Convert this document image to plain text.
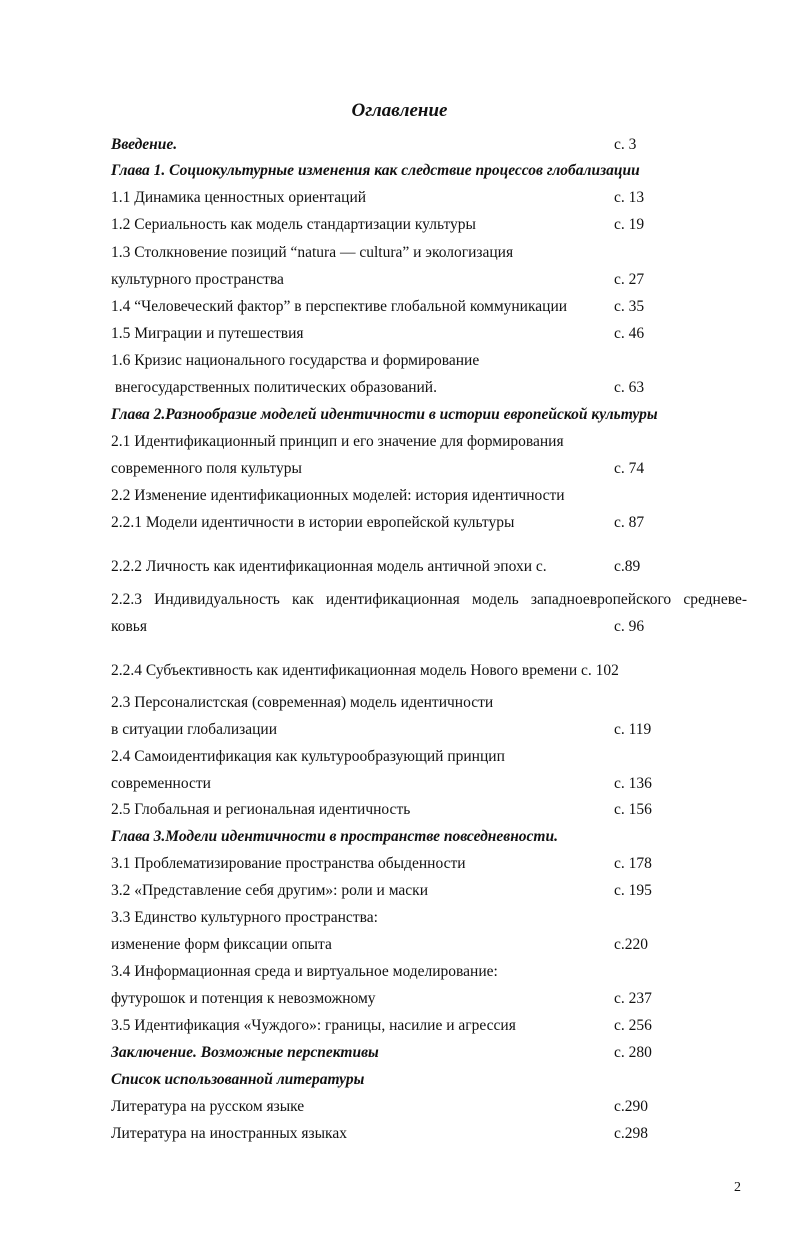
Оглавление
Введение.	с. 3
Глава 1. Социокультурные изменения как следствие процессов глобализации
1.1 Динамика ценностных ориентаций	с. 13
1.2 Сериальность как модель стандартизации культуры	с. 19
1.3 Столкновение позиций “natura — cultura” и экологизация
культурного пространства	с. 27
1.4 “Человеческий фактор” в перспективе глобальной коммуникации	с. 35
1.5 Миграции и путешествия	с. 46
1.6 Кризис национального государства и формирование
внегосударственных политических образований.	с. 63
Глава 2.Разнообразие моделей идентичности в истории европейской культуры
2.1 Идентификационный принцип и его значение для формирования
современного поля культуры	с. 74
2.2 Изменение идентификационных моделей: история идентичности
2.2.1 Модели идентичности в истории европейской культуры	с. 87
2.2.2 Личность как идентификационная модель античной эпохи с.	с.89
2.2.3 Индивидуальность как идентификационная модель западноевропейского средневе-
ковья	с. 96
2.2.4 Субъективность как идентификационная модель Нового времени с. 102
2.3 Персоналистская (современная) модель идентичности
в ситуации глобализации	с. 119
2.4 Самоидентификация как культурообразующий принцип
современности	с. 136
2.5 Глобальная и региональная идентичность	с. 156
Глава 3.Модели идентичности в пространстве повседневности.
3.1 Проблематизирование пространства обыденности	с. 178
3.2 «Представление себя другим»: роли и маски	с. 195
3.3 Единство культурного пространства:
изменение форм фиксации опыта	с.220
3.4 Информационная среда и виртуальное моделирование:
футурошок и потенция к невозможному	с. 237
3.5 Идентификация «Чуждого»: границы, насилие и агрессия	с. 256
Заключение. Возможные перспективы	с. 280
Список использованной литературы
Литература на русском языке	с.290
Литература на иностранных языках	с.298
2
